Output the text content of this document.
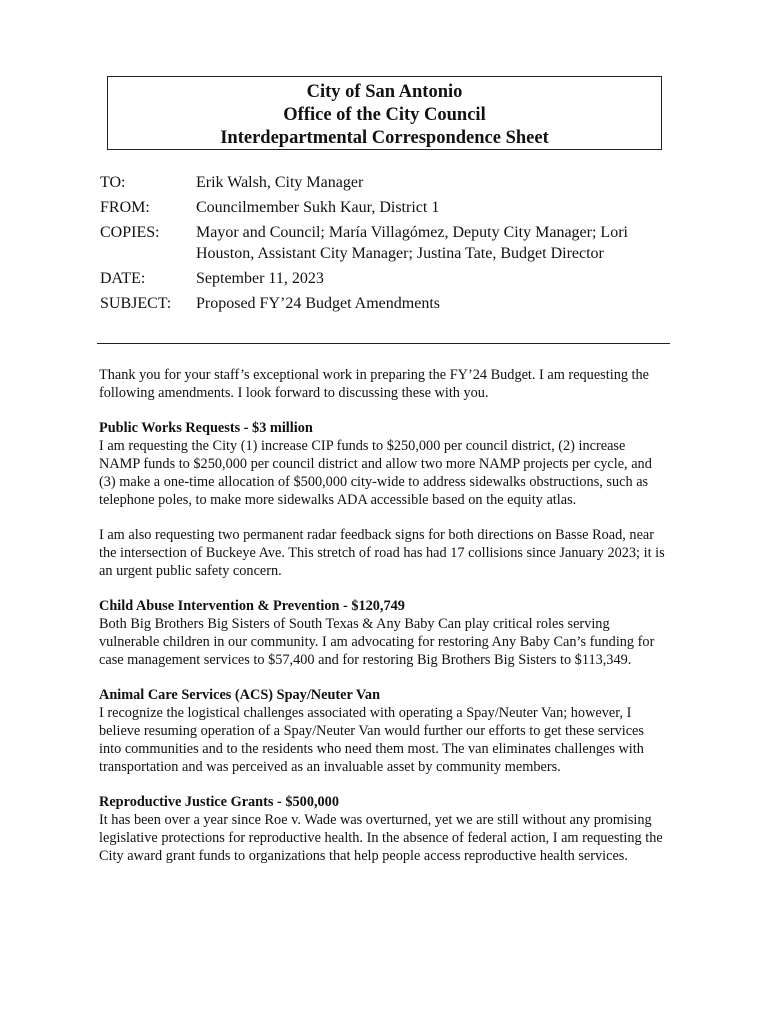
City of San Antonio
Office of the City Council
Interdepartmental Correspondence Sheet
TO:	Erik Walsh, City Manager
FROM:	Councilmember Sukh Kaur, District 1
COPIES:	Mayor and Council; María Villagómez, Deputy City Manager; Lori Houston, Assistant City Manager; Justina Tate, Budget Director
DATE:	September 11, 2023
SUBJECT:	Proposed FY’24 Budget Amendments

Thank you for your staff’s exceptional work in preparing the FY’24 Budget. I am requesting the following amendments. I look forward to discussing these with you.

Public Works Requests - $3 million

I am requesting the City (1) increase CIP funds to $250,000 per council district, (2) increase NAMP funds to $250,000 per council district and allow two more NAMP projects per cycle, and (3) make a one-time allocation of $500,000 city-wide to address sidewalks obstructions, such as telephone poles, to make more sidewalks ADA accessible based on the equity atlas.

I am also requesting two permanent radar feedback signs for both directions on Basse Road, near the intersection of Buckeye Ave. This stretch of road has had 17 collisions since January 2023; it is an urgent public safety concern.

Child Abuse Intervention & Prevention - $120,749

Both Big Brothers Big Sisters of South Texas & Any Baby Can play critical roles serving vulnerable children in our community. I am advocating for restoring Any Baby Can’s funding for case management services to $57,400 and for restoring Big Brothers Big Sisters to $113,349.

Animal Care Services (ACS) Spay/Neuter Van

I recognize the logistical challenges associated with operating a Spay/Neuter Van; however, I believe resuming operation of a Spay/Neuter Van would further our efforts to get these services into communities and to the residents who need them most. The van eliminates challenges with transportation and was perceived as an invaluable asset by community members.

Reproductive Justice Grants - $500,000

It has been over a year since Roe v. Wade was overturned, yet we are still without any promising legislative protections for reproductive health. In the absence of federal action, I am requesting the City award grant funds to organizations that help people access reproductive health services.
